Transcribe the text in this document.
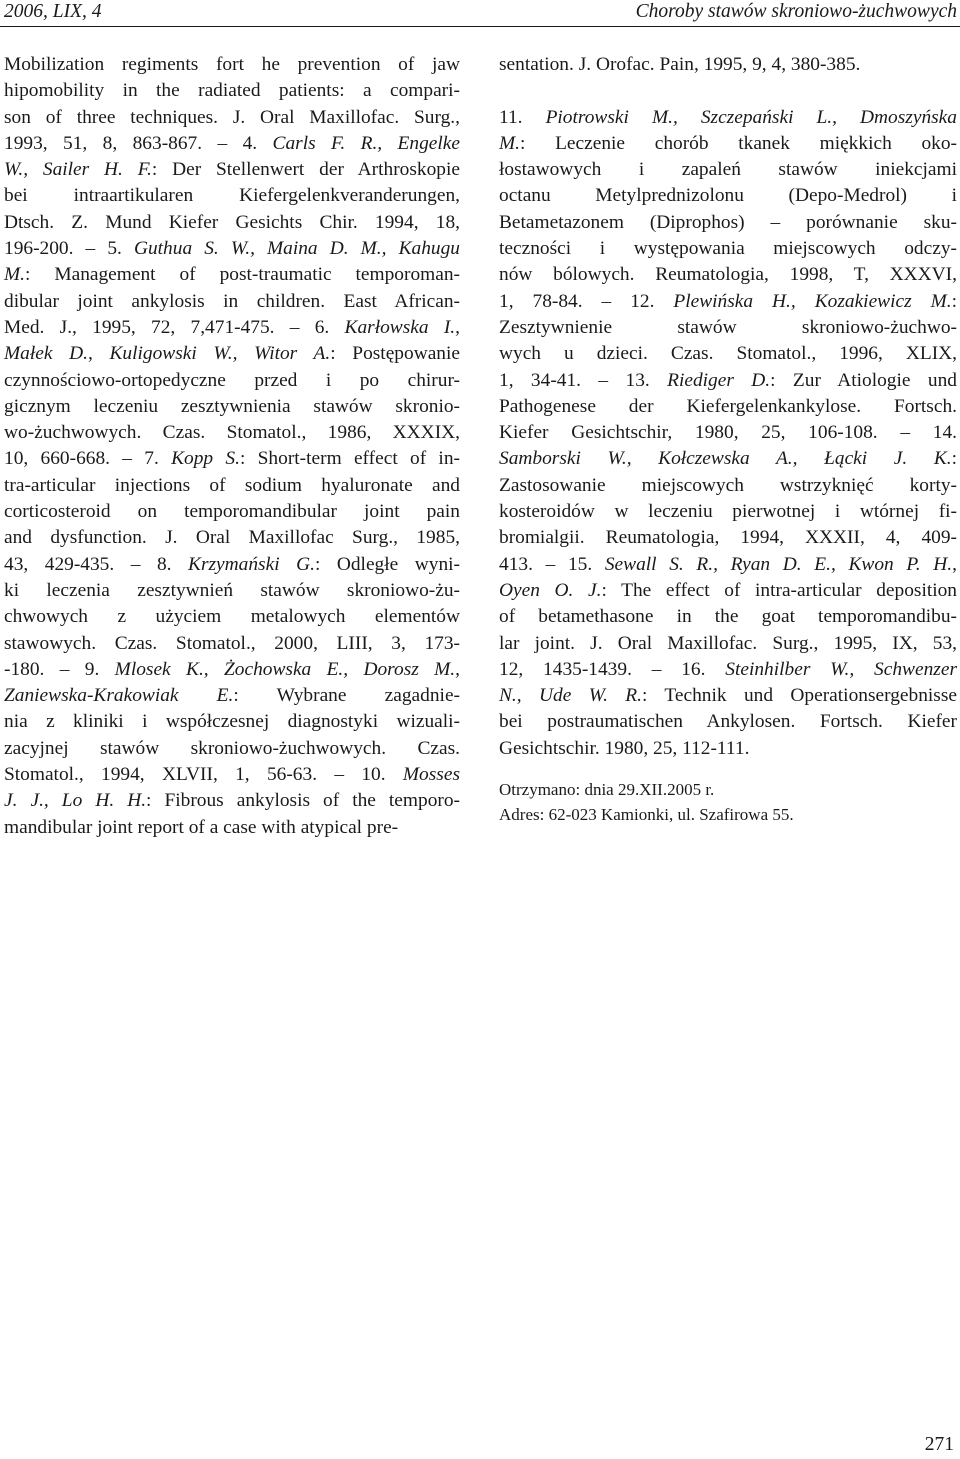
2006, LIX, 4	Choroby stawów skroniowo-żuchwowych
Mobilization regiments fort he prevention of jaw
hipomobility in the radiated patients: a compari-
son of three techniques. J. Oral Maxillofac. Surg.,
1993, 51, 8, 863-867. – 4. Carls F. R., Engelke
W., Sailer H. F.: Der Stellenwert der Arthroskopie
bei intraartikularen Kiefergelenkveranderungen,
Dtsch. Z. Mund Kiefer Gesichts Chir. 1994, 18,
196-200. – 5. Guthua S. W., Maina D. M., Kahugu
M.: Management of post-traumatic temporoman-
dibular joint ankylosis in children. East African-
Med. J., 1995, 72, 7,471-475. – 6. Karłowska I.,
Małek D., Kuligowski W., Witor A.: Postępowanie
czynnościowo-ortopedyczne przed i po chirur-
gicznym leczeniu zesztywnienia stawów skronio-
wo-żuchwowych. Czas. Stomatol., 1986, XXXIX,
10, 660-668. – 7. Kopp S.: Short-term effect of in-
tra-articular injections of sodium hyaluronate and
corticosteroid on temporomandibular joint pain
and dysfunction. J. Oral Maxillofac Surg., 1985,
43, 429-435. – 8. Krzymański G.: Odległe wyni-
ki leczenia zesztywnień stawów skroniowo-żu-
chwowych z użyciem metalowych elementów
stawowych. Czas. Stomatol., 2000, LIII, 3, 173-
-180. – 9. Mlosek K., Żochowska E., Dorosz M.,
Zaniewska-Krakowiak E.: Wybrane zagadnie-
nia z kliniki i współczesnej diagnostyki wizuali-
zacyjnej stawów skroniowo-żuchwowych. Czas.
Stomatol., 1994, XLVII, 1, 56-63. – 10. Mosses
J. J., Lo H. H.: Fibrous ankylosis of the temporo-
mandibular joint report of a case with atypical pre-
sentation. J. Orofac. Pain, 1995, 9, 4, 380-385.
11. Piotrowski M., Szczepański L., Dmoszyńska
M.: Leczenie chorób tkanek miękkich oko-
łostawowych i zapaleń stawów iniekcjami
octanu Metylprednizolonu (Depo-Medrol) i
Betametazonem (Diprophos) – porównanie sku-
teczności i występowania miejscowych odczy-
nów bólowych. Reumatologia, 1998, T, XXXVI,
1, 78-84. – 12. Plewińska H., Kozakiewicz M.:
Zesztywnienie stawów skroniowo-żuchwo-
wych u dzieci. Czas. Stomatol., 1996, XLIX,
1, 34-41. – 13. Riediger D.: Zur Atiologie und
Pathogenese der Kiefergelenkankylose. Fortsch.
Kiefer Gesichtschir, 1980, 25, 106-108. – 14.
Samborski W., Kołczewska A., Łącki J. K.:
Zastosowanie miejscowych wstrzyknięć korty-
kosteroidów w leczeniu pierwotnej i wtórnej fi-
bromialgii. Reumatologia, 1994, XXXII, 4, 409-
413. – 15. Sewall S. R., Ryan D. E., Kwon P. H.,
Oyen O. J.: The effect of intra-articular deposition
of betamethasone in the goat temporomandibu-
lar joint. J. Oral Maxillofac. Surg., 1995, IX, 53,
12, 1435-1439. – 16. Steinhilber W., Schwenzer
N., Ude W. R.: Technik und Operationsergebnisse
bei postraumatischen Ankylosen. Fortsch. Kiefer
Gesichtschir. 1980, 25, 112-111.
Otrzymano: dnia 29.XII.2005 r.
Adres: 62-023 Kamionki, ul. Szafirowa 55.
271
